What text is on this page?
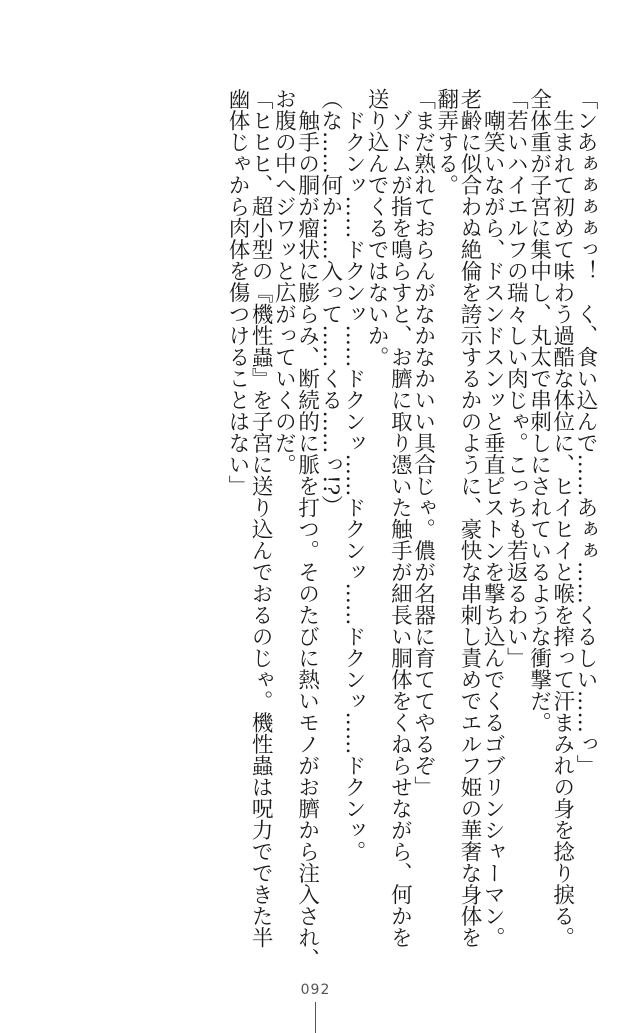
「ンあぁぁぁぁっ！　く、食い込んで……あぁぁ……くるしい……っ」
　生まれて初めて味わう過酷な体位に、ヒイヒイと喉を搾って汗まみれの身を捻り捩る。
全体重が子宮に集中し、丸太で串刺しにされているような衝撃だ。
「若いハイエルフの瑞々しい肉じゃ。こっちも若返るわい」
　嘲笑いながら、ドスンドスンッと垂直ピストンを撃ち込んでくるゴブリンシャーマン。
老齢に似合わぬ絶倫を誇示するかのように、豪快な串刺し責めでエルフ姫の華奢な身体を
翻弄する。
「まだ熟れておらんがなかなかいい具合じゃ。儂が名器に育ててやるぞ」
　ゾドムが指を鳴らすと、お臍に取り憑いた触手が細長い胴体をくねらせながら、何かを
送り込んでくるではないか。
　ドクンッ……ドクンッ……ドクンッ……ドクンッ……ドクンッ……ドクンッ。
（な……何か……入って……くる……っ!?）
　触手の胴が瘤状に膨らみ、断続的に脈を打つ。そのたびに熱いモノがお臍から注入され、
お腹の中へジワッと広がっていくのだ。
「ヒヒヒ、超小型の『機性蟲』を子宮に送り込んでおるのじゃ。機性蟲は呪力でできた半
幽体じゃから肉体を傷つけることはない」
092
